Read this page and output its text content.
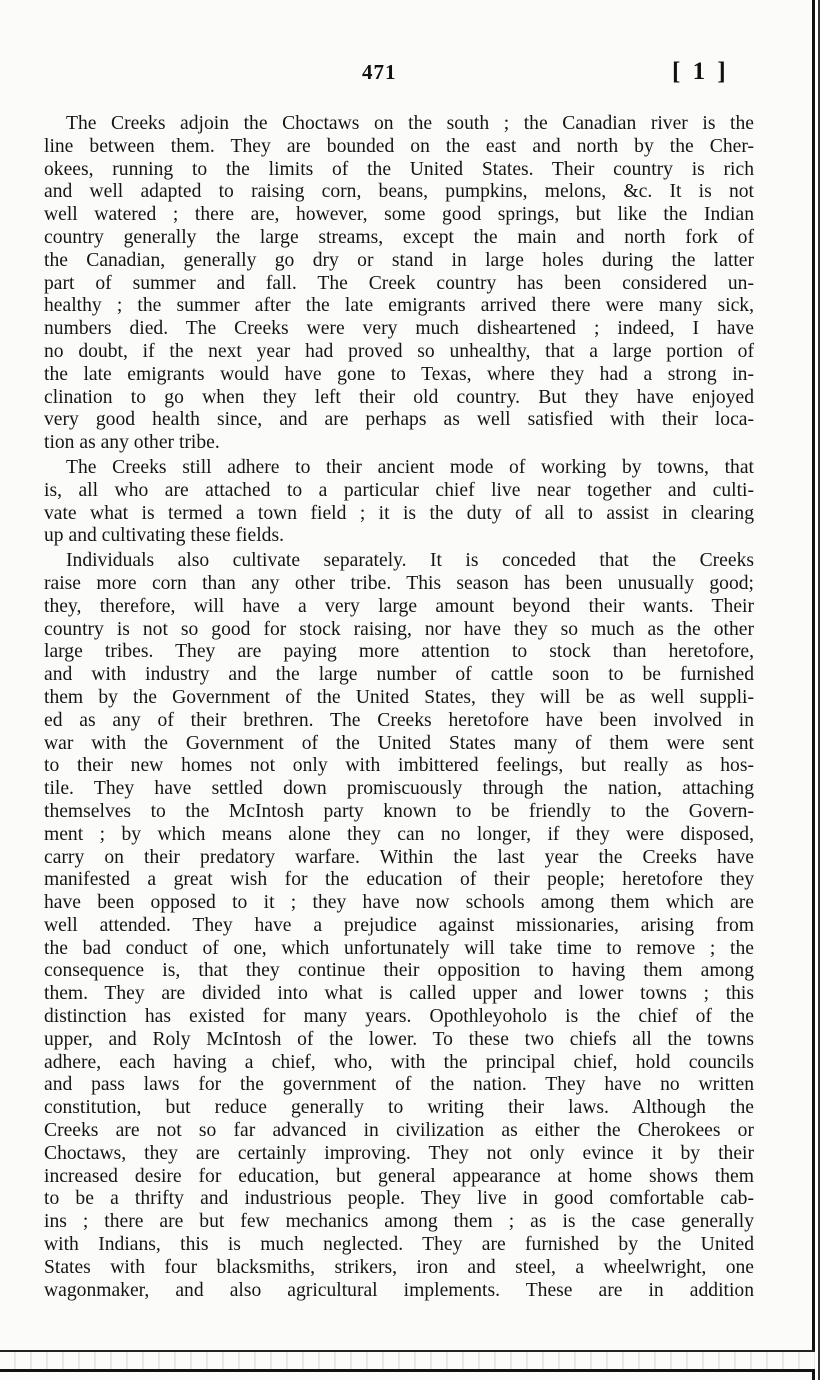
471	[ 1 ]
The Creeks adjoin the Choctaws on the south ; the Canadian river is the
line between them. They are bounded on the east and north by the Cher-
okees, running to the limits of the United States. Their country is rich
and well adapted to raising corn, beans, pumpkins, melons, &c. It is not
well watered ; there are, however, some good springs, but like the Indian
country generally the large streams, except the main and north fork of
the Canadian, generally go dry or stand in large holes during the latter
part of summer and fall. The Creek country has been considered un-
healthy ; the summer after the late emigrants arrived there were many sick,
numbers died. The Creeks were very much disheartened ; indeed, I have
no doubt, if the next year had proved so unhealthy, that a large portion of
the late emigrants would have gone to Texas, where they had a strong in-
clination to go when they left their old country. But they have enjoyed
very good health since, and are perhaps as well satisfied with their loca-
tion as any other tribe.
The Creeks still adhere to their ancient mode of working by towns, that
is, all who are attached to a particular chief live near together and culti-
vate what is termed a town field ; it is the duty of all to assist in clearing
up and cultivating these fields.
Individuals also cultivate separately. It is conceded that the Creeks
raise more corn than any other tribe. This season has been unusually good;
they, therefore, will have a very large amount beyond their wants. Their
country is not so good for stock raising, nor have they so much as the other
large tribes. They are paying more attention to stock than heretofore,
and with industry and the large number of cattle soon to be furnished
them by the Government of the United States, they will be as well suppli-
ed as any of their brethren. The Creeks heretofore have been involved in
war with the Government of the United States many of them were sent
to their new homes not only with imbittered feelings, but really as hos-
tile. They have settled down promiscuously through the nation, attaching
themselves to the McIntosh party known to be friendly to the Govern-
ment ; by which means alone they can no longer, if they were disposed,
carry on their predatory warfare. Within the last year the Creeks have
manifested a great wish for the education of their people; heretofore they
have been opposed to it ; they have now schools among them which are
well attended. They have a prejudice against missionaries, arising from
the bad conduct of one, which unfortunately will take time to remove ; the
consequence is, that they continue their opposition to having them among
them. They are divided into what is called upper and lower towns ; this
distinction has existed for many years. Opothleyoholo is the chief of the
upper, and Roly McIntosh of the lower. To these two chiefs all the towns
adhere, each having a chief, who, with the principal chief, hold councils
and pass laws for the government of the nation. They have no written
constitution, but reduce generally to writing their laws. Although the
Creeks are not so far advanced in civilization as either the Cherokees or
Choctaws, they are certainly improving. They not only evince it by their
increased desire for education, but general appearance at home shows them
to be a thrifty and industrious people. They live in good comfortable cab-
ins ; there are but few mechanics among them ; as is the case generally
with Indians, this is much neglected. They are furnished by the United
States with four blacksmiths, strikers, iron and steel, a wheelwright, one
wagonmaker, and also agricultural implements. These are in addition
